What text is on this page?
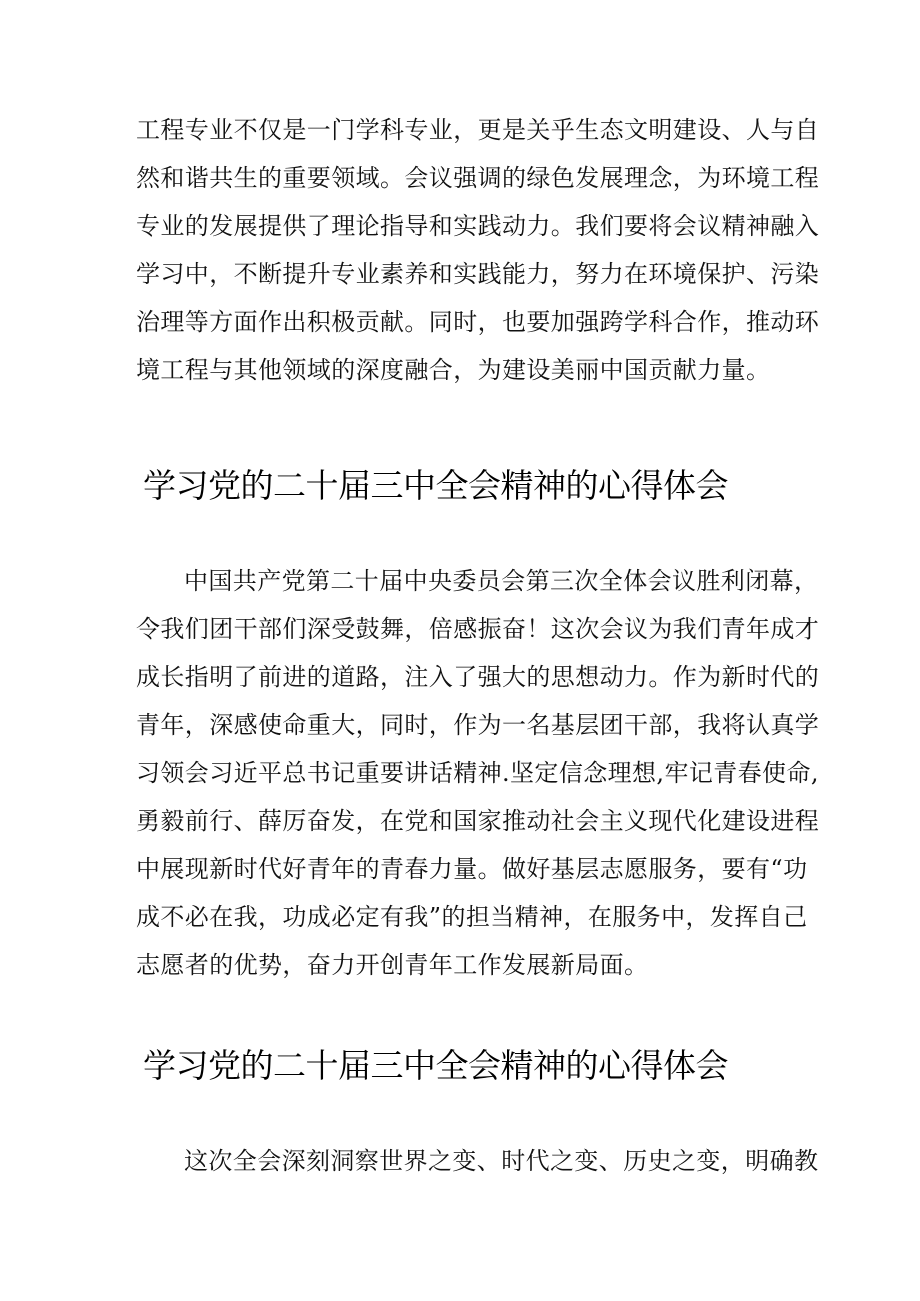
工程专业不仅是一门学科专业，更是关乎生态文明建设、人与自
然和谐共生的重要领域。会议强调的绿色发展理念，为环境工程
专业的发展提供了理论指导和实践动力。我们要将会议精神融入
学习中，不断提升专业素养和实践能力，努力在环境保护、污染
治理等方面作出积极贡献。同时，也要加强跨学科合作，推动环
境工程与其他领域的深度融合，为建设美丽中国贡献力量。
学习党的二十届三中全会精神的心得体会
中国共产党第二十届中央委员会第三次全体会议胜利闭幕，
令我们团干部们深受鼓舞，倍感振奋！这次会议为我们青年成才
成长指明了前进的道路，注入了强大的思想动力。作为新时代的
青年，深感使命重大，同时，作为一名基层团干部，我将认真学
习领会习近平总书记重要讲话精神.坚定信念理想,牢记青春使命,
勇毅前行、薛厉奋发，在党和国家推动社会主义现代化建设进程
中展现新时代好青年的青春力量。做好基层志愿服务，要有“功
成不必在我，功成必定有我”的担当精神，在服务中，发挥自己
志愿者的优势，奋力开创青年工作发展新局面。
学习党的二十届三中全会精神的心得体会
这次全会深刻洞察世界之变、时代之变、历史之变，明确教
